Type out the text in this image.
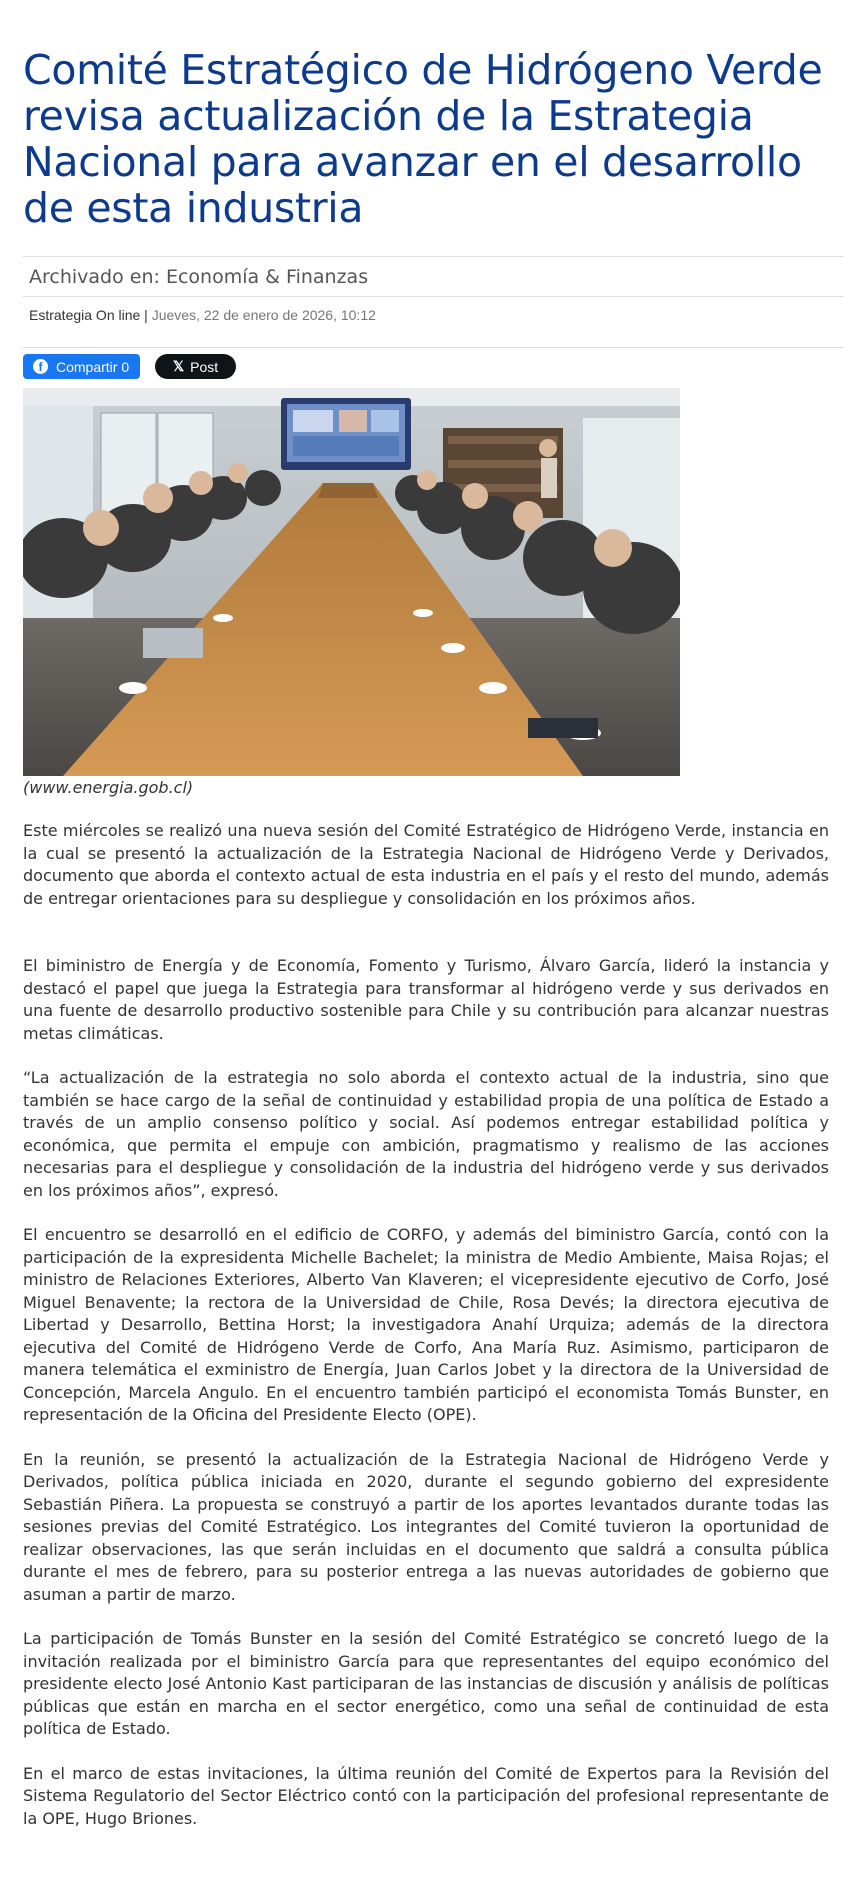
Comité Estratégico de Hidrógeno Verde revisa actualización de la Estrategia Nacional para avanzar en el desarrollo de esta industria
Archivado en: Economía & Finanzas
Estrategia On line | Jueves, 22 de enero de 2026, 10:12
f Compartir
0	𝕏 Post
(www.energia.gob.cl)

Este miércoles se realizó una nueva sesión del Comité Estratégico de Hidrógeno Verde, instancia en la cual se presentó la actualización de la Estrategia Nacional de Hidrógeno Verde y Derivados, documento que aborda el contexto actual de esta industria en el país y el resto del mundo, además de entregar orientaciones para su despliegue y consolidación en los próximos años.

El biministro de Energía y de Economía, Fomento y Turismo, Álvaro García, lideró la instancia y destacó el papel que juega la Estrategia para transformar al hidrógeno verde y sus derivados en una fuente de desarrollo productivo sostenible para Chile y su contribución para alcanzar nuestras metas climáticas.

“La actualización de la estrategia no solo aborda el contexto actual de la industria, sino que también se hace cargo de la señal de continuidad y estabilidad propia de una política de Estado a través de un amplio consenso político y social. Así podemos entregar estabilidad política y económica, que permita el empuje con ambición, pragmatismo y realismo de las acciones necesarias para el despliegue y consolidación de la industria del hidrógeno verde y sus derivados en los próximos años”, expresó.

El encuentro se desarrolló en el edificio de CORFO, y además del biministro García, contó con la participación de la expresidenta Michelle Bachelet; la ministra de Medio Ambiente, Maisa Rojas; el ministro de Relaciones Exteriores, Alberto Van Klaveren; el vicepresidente ejecutivo de Corfo, José Miguel Benavente; la rectora de la Universidad de Chile, Rosa Devés; la directora ejecutiva de Libertad y Desarrollo, Bettina Horst; la investigadora Anahí Urquiza; además de la directora ejecutiva del Comité de Hidrógeno Verde de Corfo, Ana María Ruz. Asimismo, participaron de manera telemática el exministro de Energía, Juan Carlos Jobet y la directora de la Universidad de Concepción, Marcela Angulo. En el encuentro también participó el economista Tomás Bunster, en representación de la Oficina del Presidente Electo (OPE).

En la reunión, se presentó la actualización de la Estrategia Nacional de Hidrógeno Verde y Derivados, política pública iniciada en 2020, durante el segundo gobierno del expresidente Sebastián Piñera. La propuesta se construyó a partir de los aportes levantados durante todas las sesiones previas del Comité Estratégico. Los integrantes del Comité tuvieron la oportunidad de realizar observaciones, las que serán incluidas en el documento que saldrá a consulta pública durante el mes de febrero, para su posterior entrega a las nuevas autoridades de gobierno que asuman a partir de marzo.

La participación de Tomás Bunster en la sesión del Comité Estratégico se concretó luego de la invitación realizada por el biministro García para que representantes del equipo económico del presidente electo José Antonio Kast participaran de las instancias de discusión y análisis de políticas públicas que están en marcha en el sector energético, como una señal de continuidad de esta política de Estado.

En el marco de estas invitaciones, la última reunión del Comité de Expertos para la Revisión del Sistema Regulatorio del Sector Eléctrico contó con la participación del profesional representante de la OPE, Hugo Briones.
